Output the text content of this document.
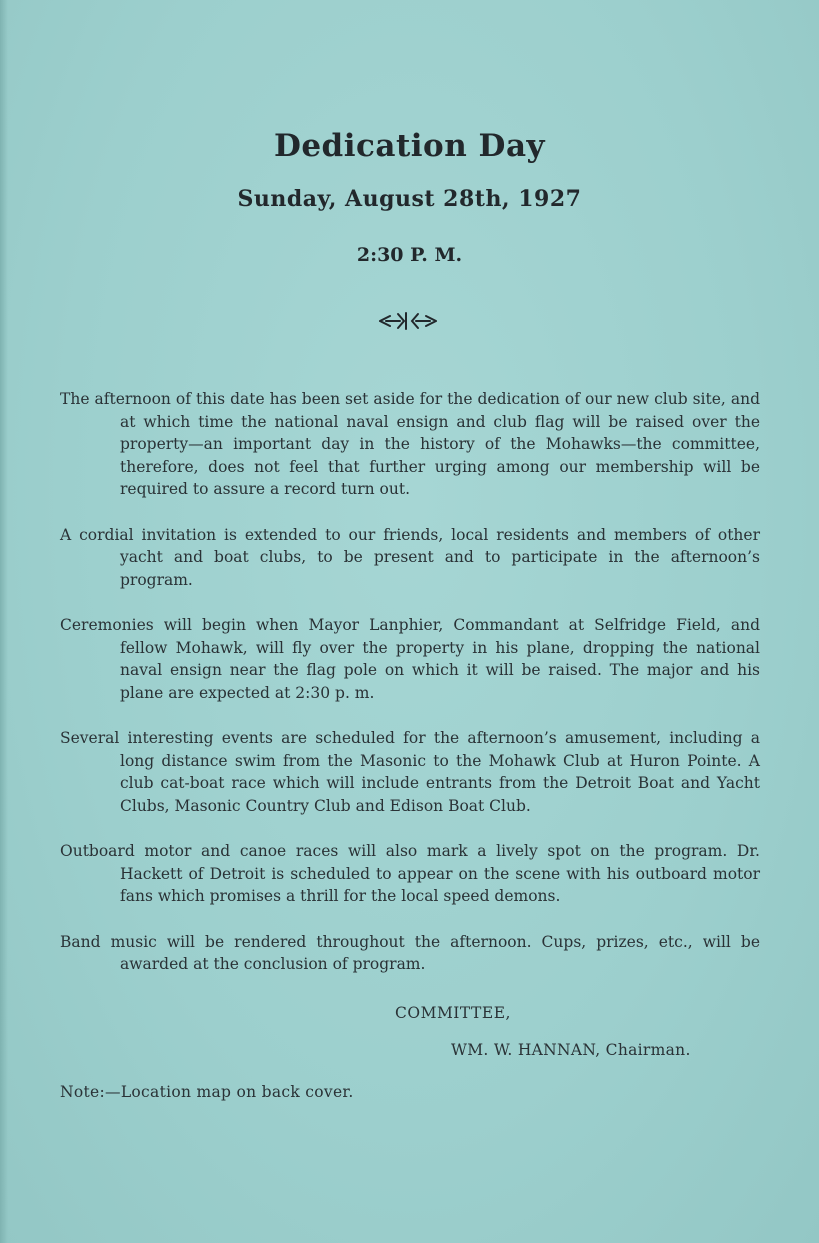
Dedication Day
Sunday, August 28th, 1927
2:30 P. M.

The afternoon of this date has been set aside for the dedication of our new club site, and at which time the national naval ensign and club flag will be raised over the property—an important day in the history of the Mohawks—the committee, therefore, does not feel that further urging among our membership will be required to assure a record turn out.

A cordial invitation is extended to our friends, local residents and members of other yacht and boat clubs, to be present and to participate in the afternoon’s program.

Ceremonies will begin when Mayor Lanphier, Commandant at Selfridge Field, and fellow Mohawk, will fly over the property in his plane, dropping the national naval ensign near the flag pole on which it will be raised. The major and his plane are expected at 2:30 p. m.

Several interesting events are scheduled for the afternoon’s amusement, including a long distance swim from the Masonic to the Mohawk Club at Huron Pointe. A club cat-boat race which will include entrants from the Detroit Boat and Yacht Clubs, Masonic Country Club and Edison Boat Club.

Outboard motor and canoe races will also mark a lively spot on the program. Dr. Hackett of Detroit is scheduled to appear on the scene with his outboard motor fans which promises a thrill for the local speed demons.

Band music will be rendered throughout the afternoon. Cups, prizes, etc., will be awarded at the conclusion of program.

COMMITTEE,
WM. W. HANNAN, Chairman.
Note:—Location map on back cover.
